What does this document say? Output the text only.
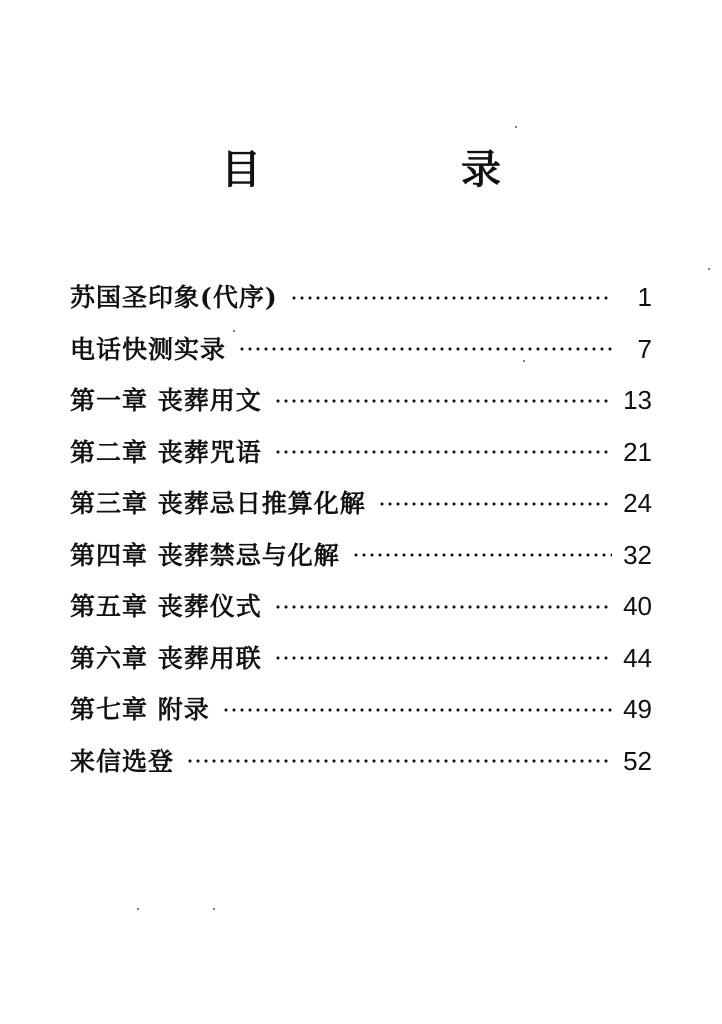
目　录
苏国圣印象(代序)	1
电话快测实录	7
第一章 丧葬用文	13
第二章 丧葬咒语	21
第三章 丧葬忌日推算化解	24
第四章 丧葬禁忌与化解	32
第五章 丧葬仪式	40
第六章 丧葬用联	44
第七章 附录	49
来信选登	52
